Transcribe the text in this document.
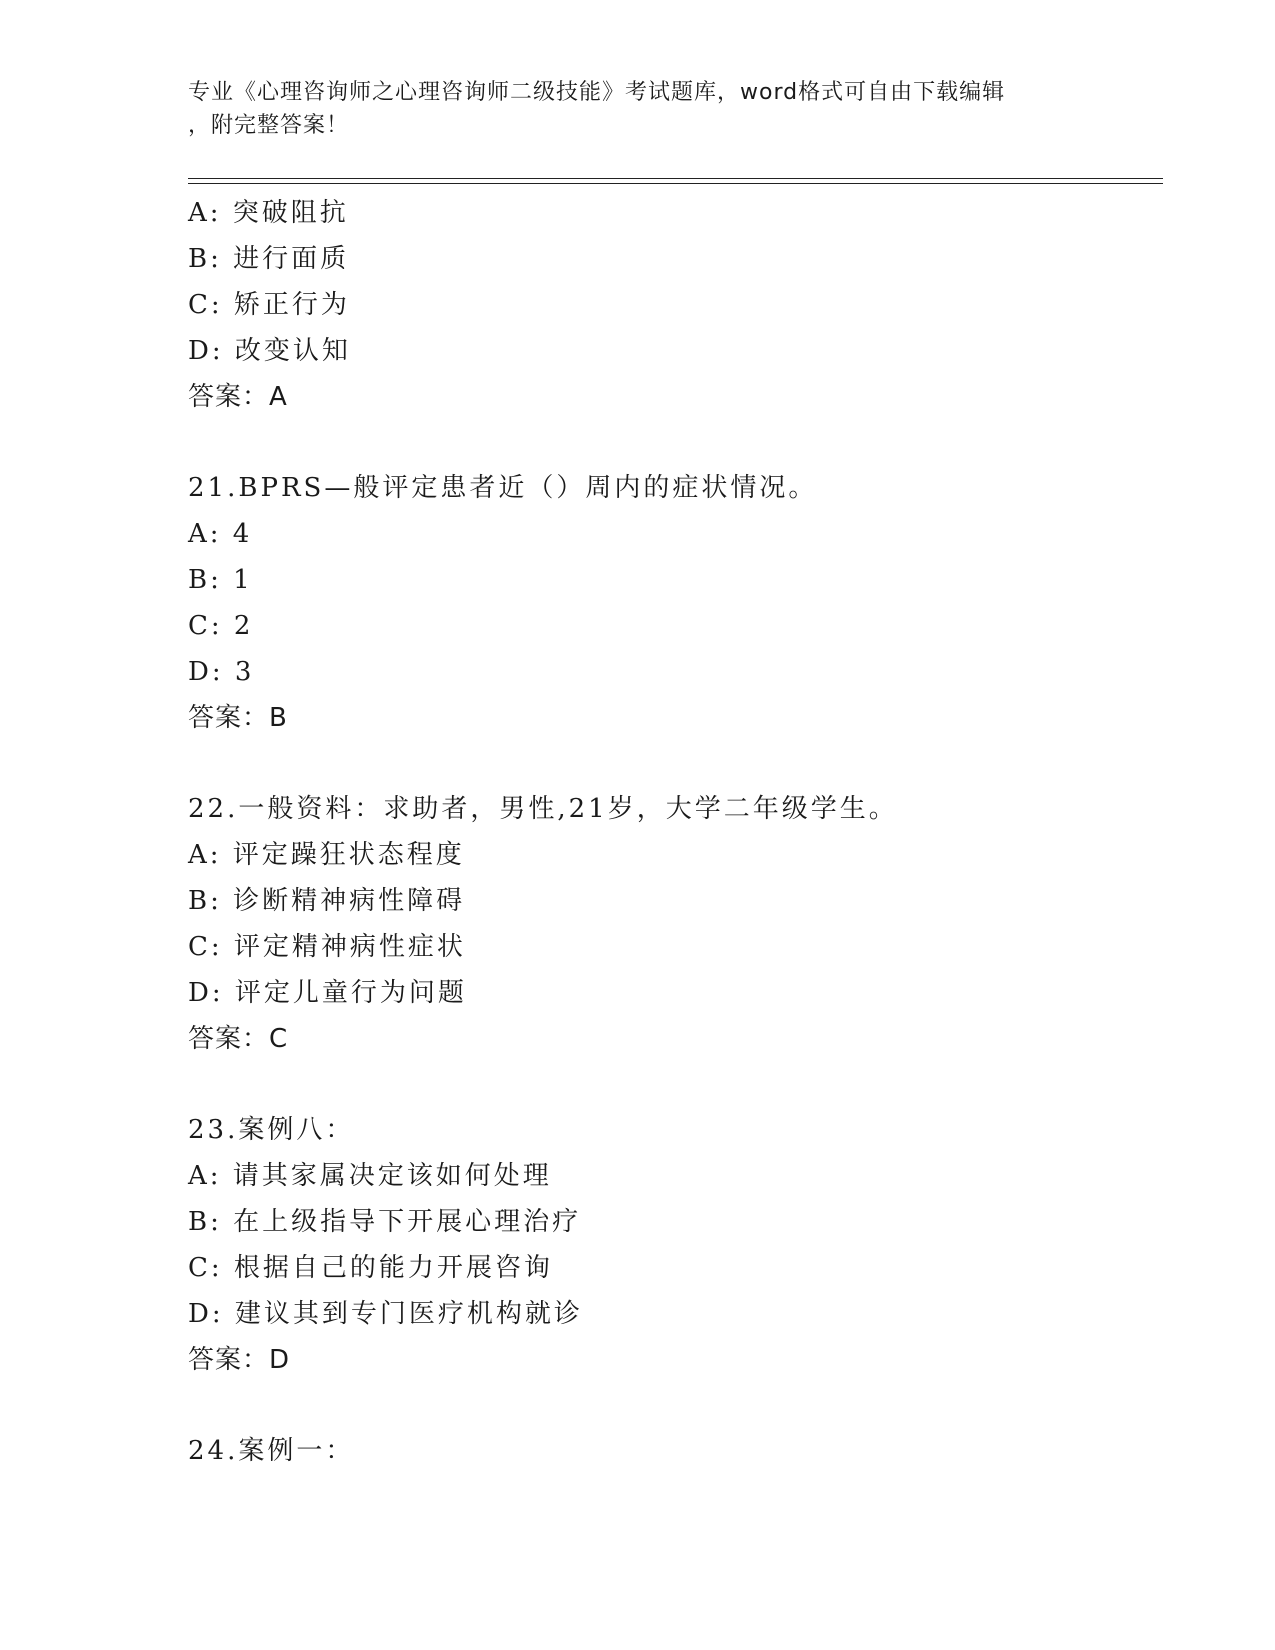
专业《心理咨询师之心理咨询师二级技能》考试题库，word格式可自由下载编辑
，附完整答案！
A: 突破阻抗
B: 进行面质
C: 矫正行为
D: 改变认知
答案：A
21.BPRS—般评定患者近（）周内的症状情况。
A: 4
B: 1
C: 2
D: 3
答案：B
22.一般资料：求助者，男性,21岁，大学二年级学生。
A: 评定躁狂状态程度
B: 诊断精神病性障碍
C: 评定精神病性症状
D: 评定儿童行为问题
答案：C
23.案例八：
A: 请其家属决定该如何处理
B: 在上级指导下开展心理治疗
C: 根据自己的能力开展咨询
D: 建议其到专门医疗机构就诊
答案：D
24.案例一：
